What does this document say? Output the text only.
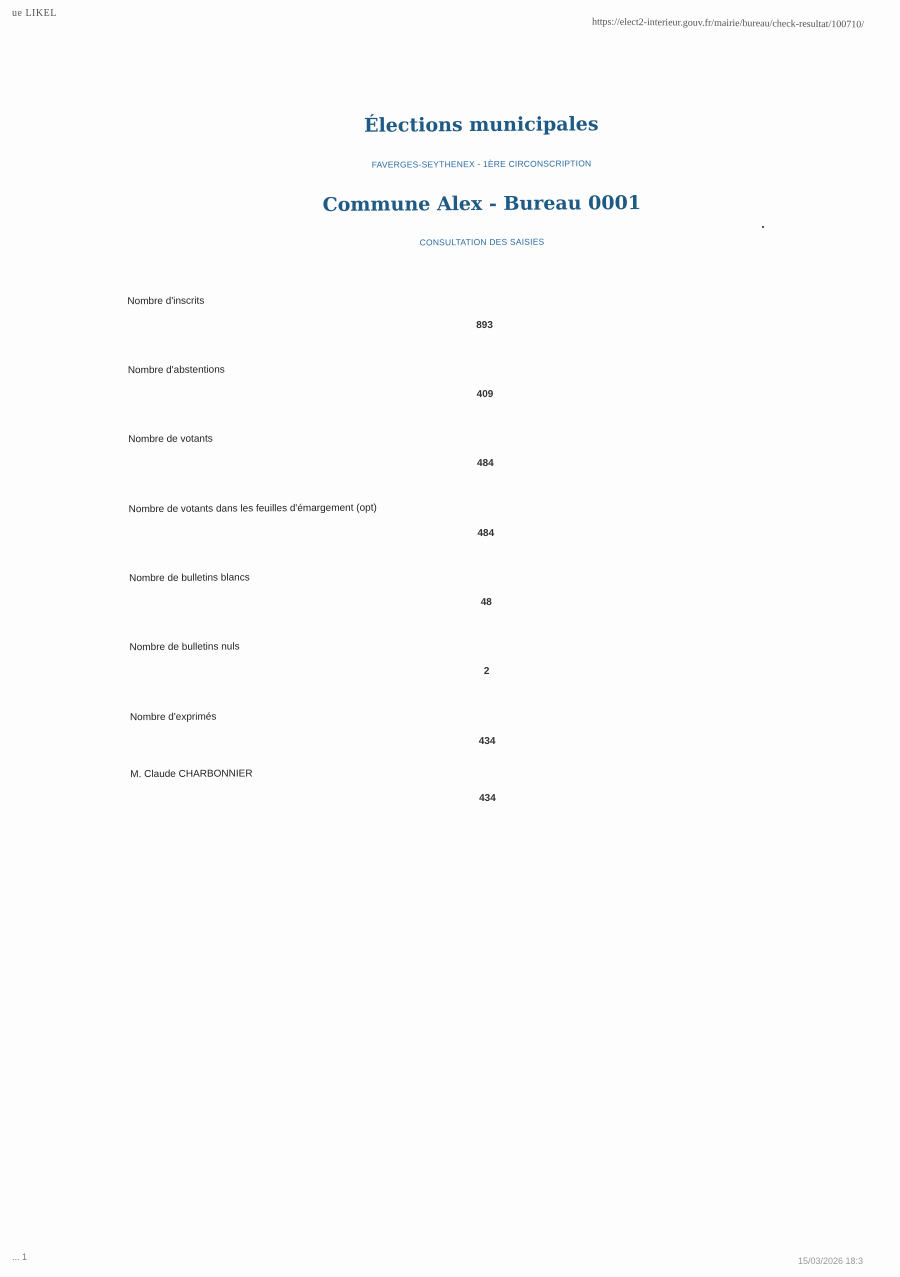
ue LIKEL
https://elect2-interieur.gouv.fr/mairie/bureau/check-resultat/100710/
Élections municipales
FAVERGES-SEYTHENEX - 1ÈRE CIRCONSCRIPTION
Commune Alex - Bureau 0001
CONSULTATION DES SAISIES
Nombre d'inscrits
893
Nombre d'abstentions
409
Nombre de votants
484
Nombre de votants dans les feuilles d'émargement (opt)
484
Nombre de bulletins blancs
48
Nombre de bulletins nuls
2
Nombre d'exprimés
434
M. Claude CHARBONNIER
434
... 1	15/03/2026 18:3
